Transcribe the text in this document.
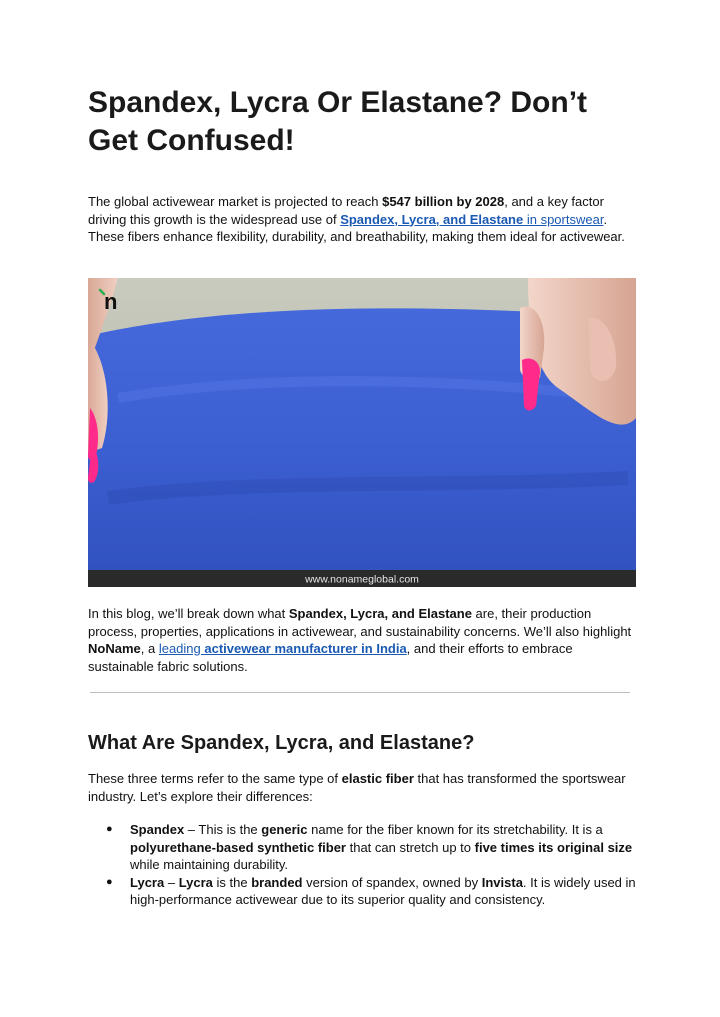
Spandex, Lycra Or Elastane? Don’t Get Confused!

The global activewear market is projected to reach $547 billion by 2028, and a key factor driving this growth is the widespread use of Spandex, Lycra, and Elastane in sportswear. These fibers enhance flexibility, durability, and breathability, making them ideal for activewear.

www.nonameglobal.com
n

In this blog, we’ll break down what Spandex, Lycra, and Elastane are, their production process, properties, applications in activewear, and sustainability concerns. We’ll also highlight NoName, a leading activewear manufacturer in India, and their efforts to embrace sustainable fabric solutions.

What Are Spandex, Lycra, and Elastane?

These three terms refer to the same type of elastic fiber that has transformed the sportswear industry. Let’s explore their differences:

● Spandex – This is the generic name for the fiber known for its stretchability. It is a polyurethane-based synthetic fiber that can stretch up to five times its original size while maintaining durability.
● Lycra – Lycra is the branded version of spandex, owned by Invista. It is widely used in high-performance activewear due to its superior quality and consistency.
